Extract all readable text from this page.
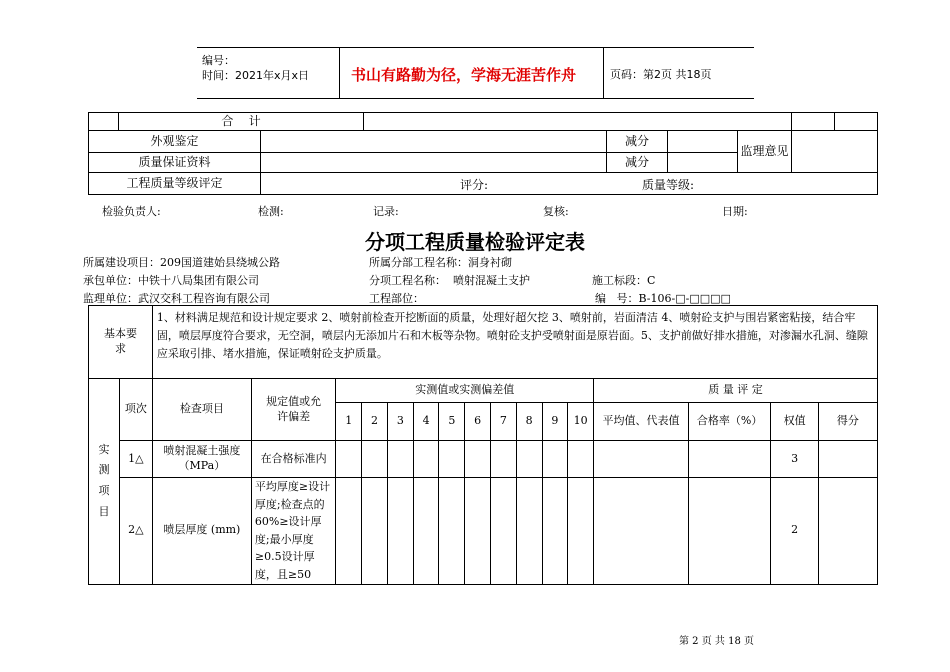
编号：
时间：2021年x月x日	书山有路勤为径，学海无涯苦作舟	页码：第2页 共18页
	合    计							
外观鉴定				减分		监理意见		
质量保证资料				减分				
工程质量等级评定		评分: 质量等级:						
检验负责人:	检测:	记录:	复核:	日期:
分项工程质量检验评定表
所属建设项目：209国道建始县绕城公路	所属分部工程名称：洞身衬砌
承包单位：中铁十八局集团有限公司	分项工程名称：  喷射混凝土支护	施工标段：C
监理单位：武汉交科工程咨询有限公司	工程部位：	编   号：B-106-□-□□□□
基本要求		1、材料满足规范和设计规定要求 2、喷射前检查开挖断面的质量，处理好超欠挖 3、喷射前，岩面清洁 4、喷射砼支护与围岩紧密粘接，结合牢固，喷层厚度符合要求，无空洞，喷层内无添加片石和木板等杂物。喷射砼支护受喷射面是原岩面。5、支护前做好排水措施，对渗漏水孔洞、缝隙应采取引排、堵水措施，保证喷射砼支护质量。															
实测项目	项次	检查项目	规定值或允许偏差	实测值或实测偏差值										质 量 评 定			
				1	2	3	4	5	6	7	8	9	10	平均值、代表值	合格率（%）	权值	得分
	1△	喷射混凝土强度（MPa）	在合格标准内													3	
	2△	喷层厚度 (mm)	平均厚度≥设计厚度;检查点的60%≥设计厚度;最小厚度≥0.5设计厚度，且≥50													2	
第 2 页 共 18 页
